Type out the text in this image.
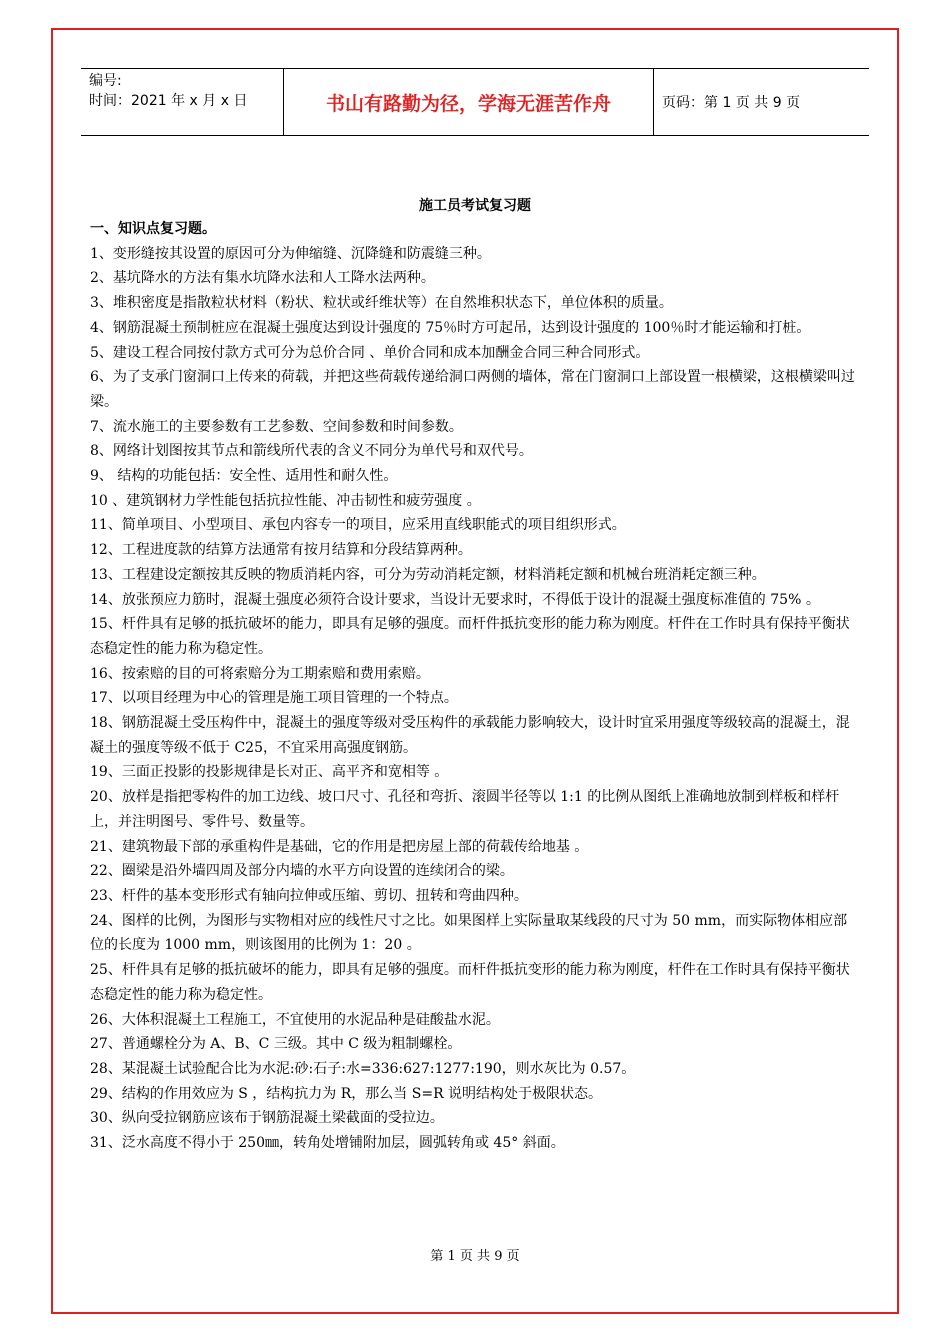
编号:
时间：2021 年 x 月 x 日	书山有路勤为径，学海无涯苦作舟	页码：第 1 页 共 9 页
施工员考试复习题
一、知识点复习题。

1、变形缝按其设置的原因可分为伸缩缝、沉降缝和防震缝三种。

2、基坑降水的方法有集水坑降水法和人工降水法两种。

3、堆积密度是指散粒状材料（粉状、粒状或纤维状等）在自然堆积状态下，单位体积的质量。

4、钢筋混凝土预制桩应在混凝土强度达到设计强度的 75％时方可起吊，达到设计强度的 100％时才能运输和打桩。

5、建设工程合同按付款方式可分为总价合同 、单价合同和成本加酬金合同三种合同形式。

6、为了支承门窗洞口上传来的荷载，并把这些荷载传递给洞口两侧的墙体，常在门窗洞口上部设置一根横梁，这根横梁叫过梁。

7、流水施工的主要参数有工艺参数、空间参数和时间参数。

8、网络计划图按其节点和箭线所代表的含义不同分为单代号和双代号。

9、 结构的功能包括：安全性、适用性和耐久性。

10 、建筑钢材力学性能包括抗拉性能、冲击韧性和疲劳强度 。

11、简单项目、小型项目、承包内容专一的项目，应采用直线职能式的项目组织形式。

12、工程进度款的结算方法通常有按月结算和分段结算两种。

13、工程建设定额按其反映的物质消耗内容，可分为劳动消耗定额，材料消耗定额和机械台班消耗定额三种。

14、放张预应力筋时，混凝土强度必须符合设计要求，当设计无要求时，不得低于设计的混凝土强度标准值的 75% 。

15、杆件具有足够的抵抗破坏的能力，即具有足够的强度。而杆件抵抗变形的能力称为刚度。杆件在工作时具有保持平衡状态稳定性的能力称为稳定性。

16、按索赔的目的可将索赔分为工期索赔和费用索赔。

17、以项目经理为中心的管理是施工项目管理的一个特点。

18、钢筋混凝土受压构件中，混凝土的强度等级对受压构件的承载能力影响较大，设计时宜采用强度等级较高的混凝土，混凝土的强度等级不低于 C25，不宜采用高强度钢筋。

19、三面正投影的投影规律是长对正、高平齐和宽相等 。

20、放样是指把零构件的加工边线、坡口尺寸、孔径和弯折、滚圆半径等以 1:1 的比例从图纸上准确地放制到样板和样杆上，并注明图号、零件号、数量等。

21、建筑物最下部的承重构件是基础，它的作用是把房屋上部的荷载传给地基 。

22、圈梁是沿外墙四周及部分内墙的水平方向设置的连续闭合的梁。

23、杆件的基本变形形式有轴向拉伸或压缩、剪切、扭转和弯曲四种。

24、图样的比例，为图形与实物相对应的线性尺寸之比。如果图样上实际量取某线段的尺寸为 50 mm，而实际物体相应部位的长度为 1000 mm，则该图用的比例为 1：20 。

25、杆件具有足够的抵抗破坏的能力，即具有足够的强度。而杆件抵抗变形的能力称为刚度，杆件在工作时具有保持平衡状态稳定性的能力称为稳定性。

26、大体积混凝土工程施工，不宜使用的水泥品种是硅酸盐水泥。

27、普通螺栓分为 A、B、C 三级。其中 C 级为粗制螺栓。

28、某混凝土试验配合比为水泥:砂:石子:水=336:627:1277:190，则水灰比为 0.57。

29、结构的作用效应为 S ，结构抗力为 R，那么当 S=R 说明结构处于极限状态。

30、纵向受拉钢筋应该布于钢筋混凝土梁截面的受拉边。

31、泛水高度不得小于 250㎜，转角处增铺附加层，圆弧转角或 45° 斜面。

第 1 页 共 9 页
